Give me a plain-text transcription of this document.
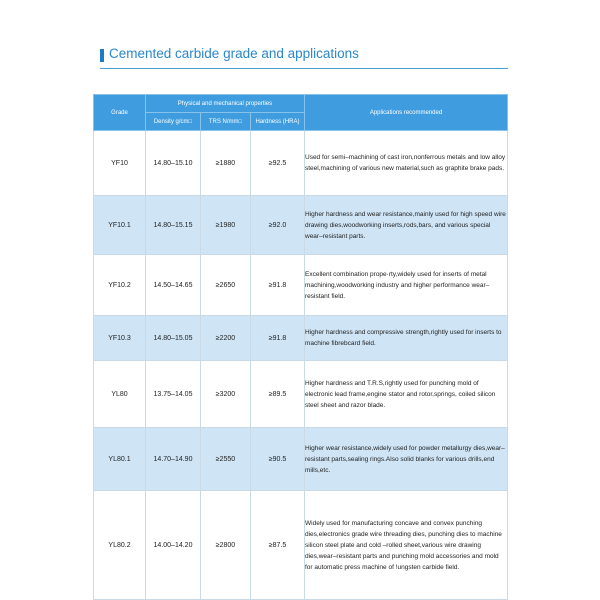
Cemented carbide grade and applications
Grade	Physical and mechanical properties			Applications recommended
	Density g/cm□	TRS N/mm□	Hardness (HRA)	
YF10	14.80–15.10	≥1880	≥92.5	Used for semi–machining of cast iron,nonferrous metals and low alloy steel,machining of various new material,such as graphite brake pads.
YF10.1	14.80–15.15	≥1980	≥92.0	Higher hardness and wear resistance,mainly used for high speed wire drawing dies,woodworking inserts,rods,bars, and various special wear–resistant parts.
YF10.2	14.50–14.65	≥2650	≥91.8	Excellent combination prope·rty,widely used for inserts of metal machining,woodworking industry and higher performance wear–resistant field.
YF10.3	14.80–15.05	≥2200	≥91.8	Higher hardness and compressive strength,rightly used for inserts to machine fibrebcard field.
YL80	13.75–14.05	≥3200	≥89.5	Higher hardness and T.R.S,rightly used for punching mold of electronic lead frame,engine stator and rotor,springs, coiled silicon steel sheet and razor blade.
YL80.1	14.70–14.90	≥2550	≥90.5	Higher wear resistance,widely used for powder metallurgy dies,wear–resistant parts,sealing rings.Also solid blanks for various drills,end mills,etc.
YL80.2	14.00–14.20	≥2800	≥87.5	Widely used for manufacturing concave and convex punching dies,electronics grade wire threading dies, punching dies to machine silicon steel plate and cold –rolled sheet,various wire drawing dies,wear–resistant parts and punching mold accessories and mold for automatic press machine of !ungsten carbide field.
